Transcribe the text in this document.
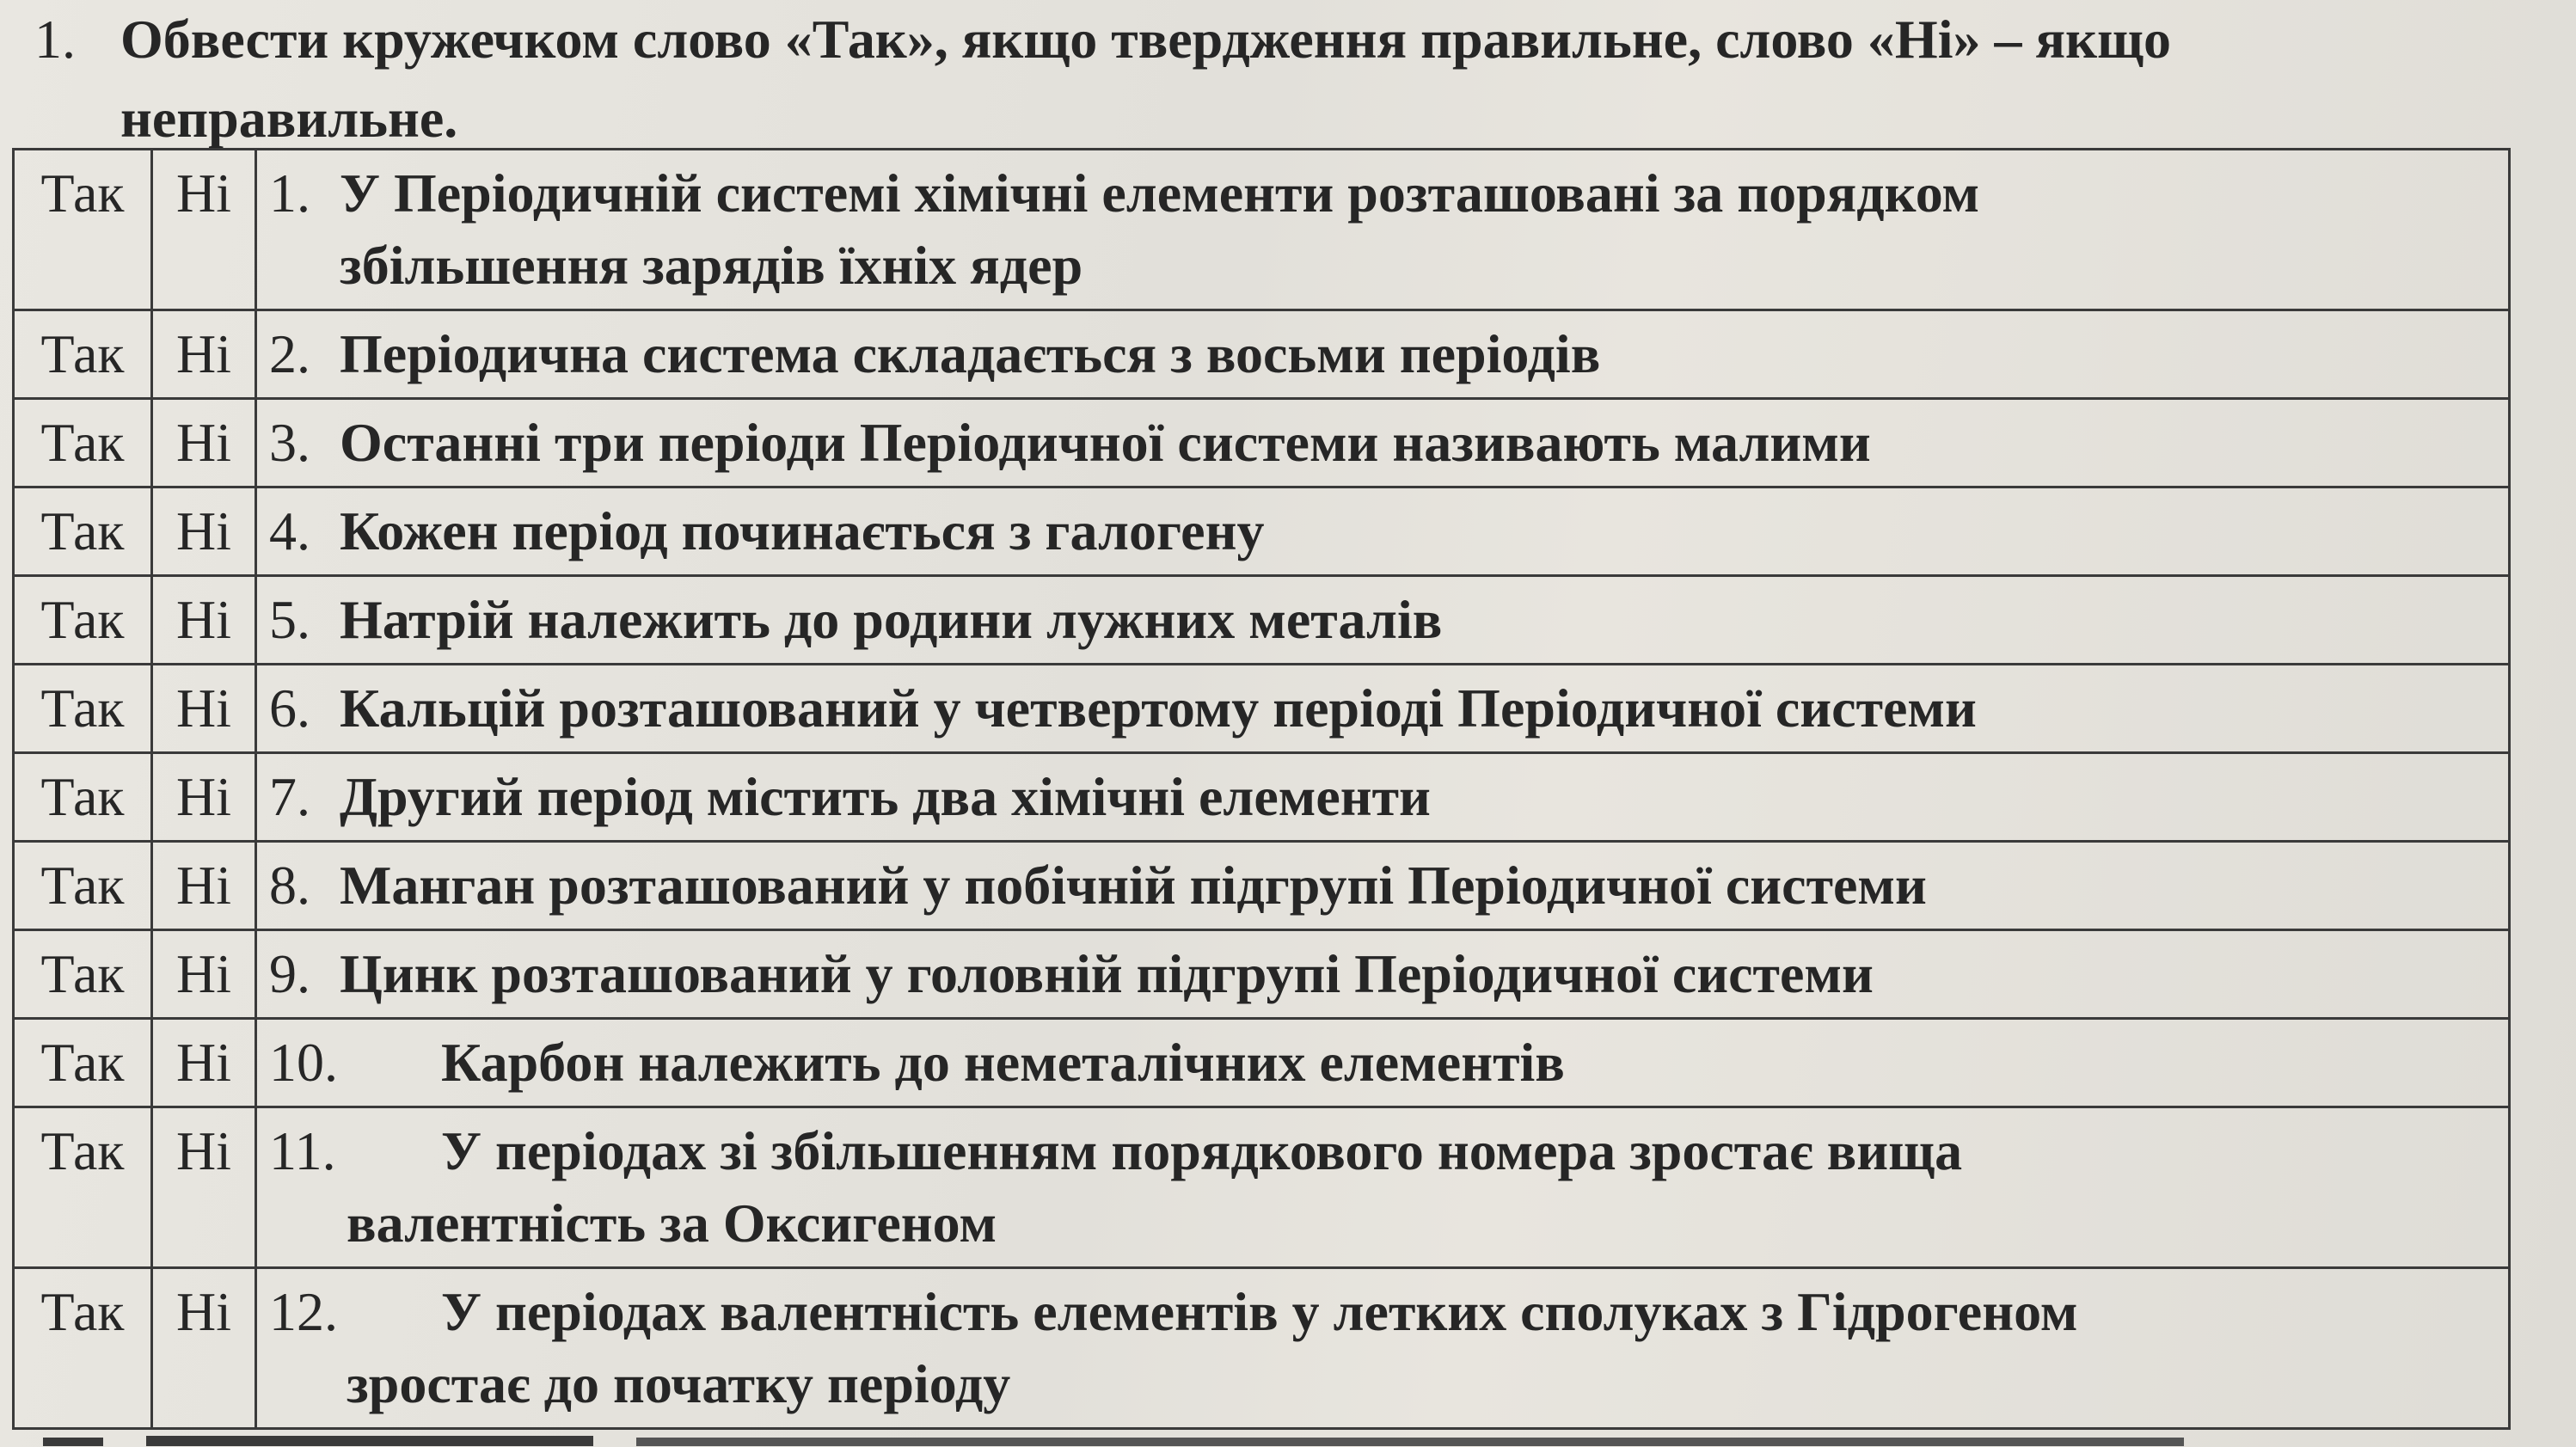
1. Обвести кружечком слово «Так», якщо твердження правильне, слово «Ні» – якщо
неправильне.
Так	Ні	1. У Періодичній системі хімічні елементи розташовані за порядком
збільшення зарядів їхніх ядер

Так	Ні	2. Періодична система складається з восьми періодів
Так	Ні	3. Останні три періоди Періодичної системи називають малими
Так	Ні	4. Кожен період починається з галогену
Так	Ні	5. Натрій належить до родини лужних металів
Так	Ні	6. Кальцій розташований у четвертому періоді Періодичної системи
Так	Ні	7. Другий період містить два хімічні елементи
Так	Ні	8. Манган розташований у побічній підгрупі Періодичної системи
Так	Ні	9. Цинк розташований у головній підгрупі Періодичної системи
Так	Ні	10. Карбон належить до неметалічних елементів
Так	Ні	11. У періодах зі збільшенням порядкового номера зростає вища
валентність за Оксигеном

Так	Ні	12. У періодах валентність елементів у летких сполуках з Гідрогеном
зростає до початку періоду
